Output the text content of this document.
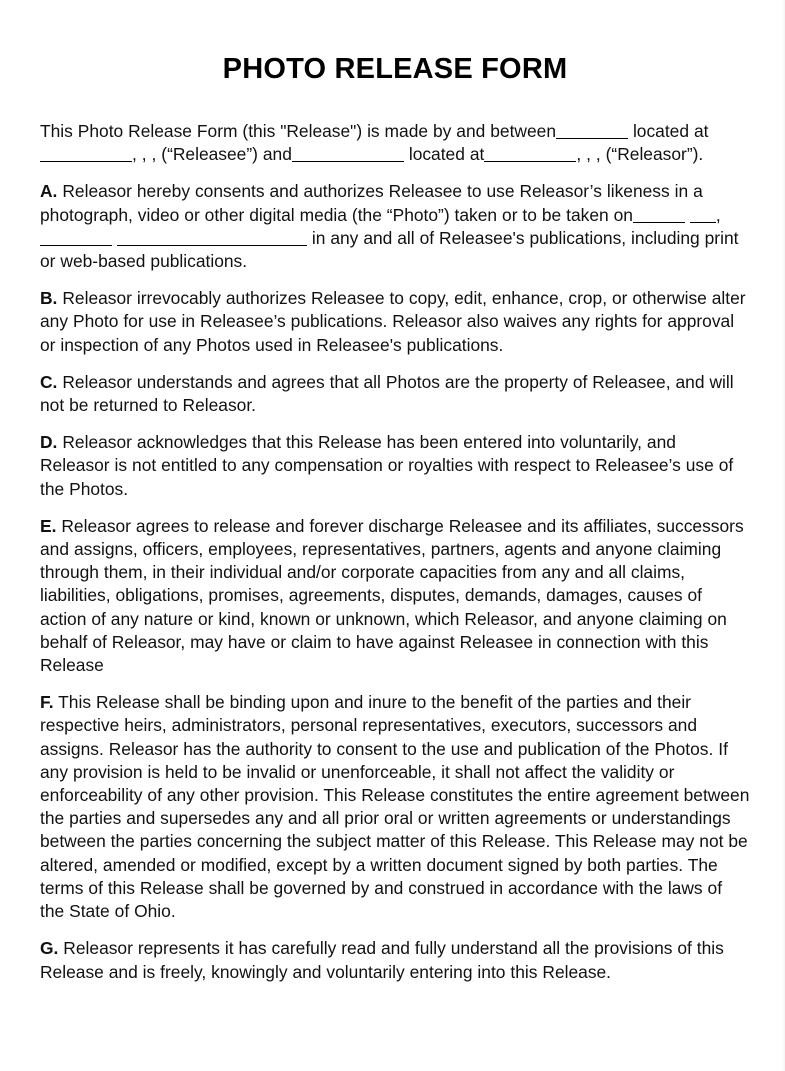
PHOTO RELEASE FORM

This Photo Release Form (this "Release") is made by and between	located at, , , (“Releasee”) and	located at	, , , (“Releasor”).

A. Releasor hereby consents and authorizes Releasee to use Releasor’s likeness in a photograph, video or other digital media (the “Photo”) taken or to be taken on	,  in any and all of Releasee's publications, including print or web-based publications.

B. Releasor irrevocably authorizes Releasee to copy, edit, enhance, crop, or otherwise alter any Photo for use in Releasee’s publications. Releasor also waives any rights for approval or inspection of any Photos used in Releasee's publications.

C. Releasor understands and agrees that all Photos are the property of Releasee, and will not be returned to Releasor.

D. Releasor acknowledges that this Release has been entered into voluntarily, and Releasor is not entitled to any compensation or royalties with respect to Releasee’s use of the Photos.

E. Releasor agrees to release and forever discharge Releasee and its affiliates, successors and assigns, officers, employees, representatives, partners, agents and anyone claiming through them, in their individual and/or corporate capacities from any and all claims, liabilities, obligations, promises, agreements, disputes, demands, damages, causes of action of any nature or kind, known or unknown, which Releasor, and anyone claiming on behalf of Releasor, may have or claim to have against Releasee in connection with this Release

F. This Release shall be binding upon and inure to the benefit of the parties and their respective heirs, administrators, personal representatives, executors, successors and assigns. Releasor has the authority to consent to the use and publication of the Photos. If any provision is held to be invalid or unenforceable, it shall not affect the validity or enforceability of any other provision. This Release constitutes the entire agreement between the parties and supersedes any and all prior oral or written agreements or understandings between the parties concerning the subject matter of this Release. This Release may not be altered, amended or modified, except by a written document signed by both parties. The terms of this Release shall be governed by and construed in accordance with the laws of the State of Ohio.

G. Releasor represents it has carefully read and fully understand all the provisions of this Release and is freely, knowingly and voluntarily entering into this Release.
